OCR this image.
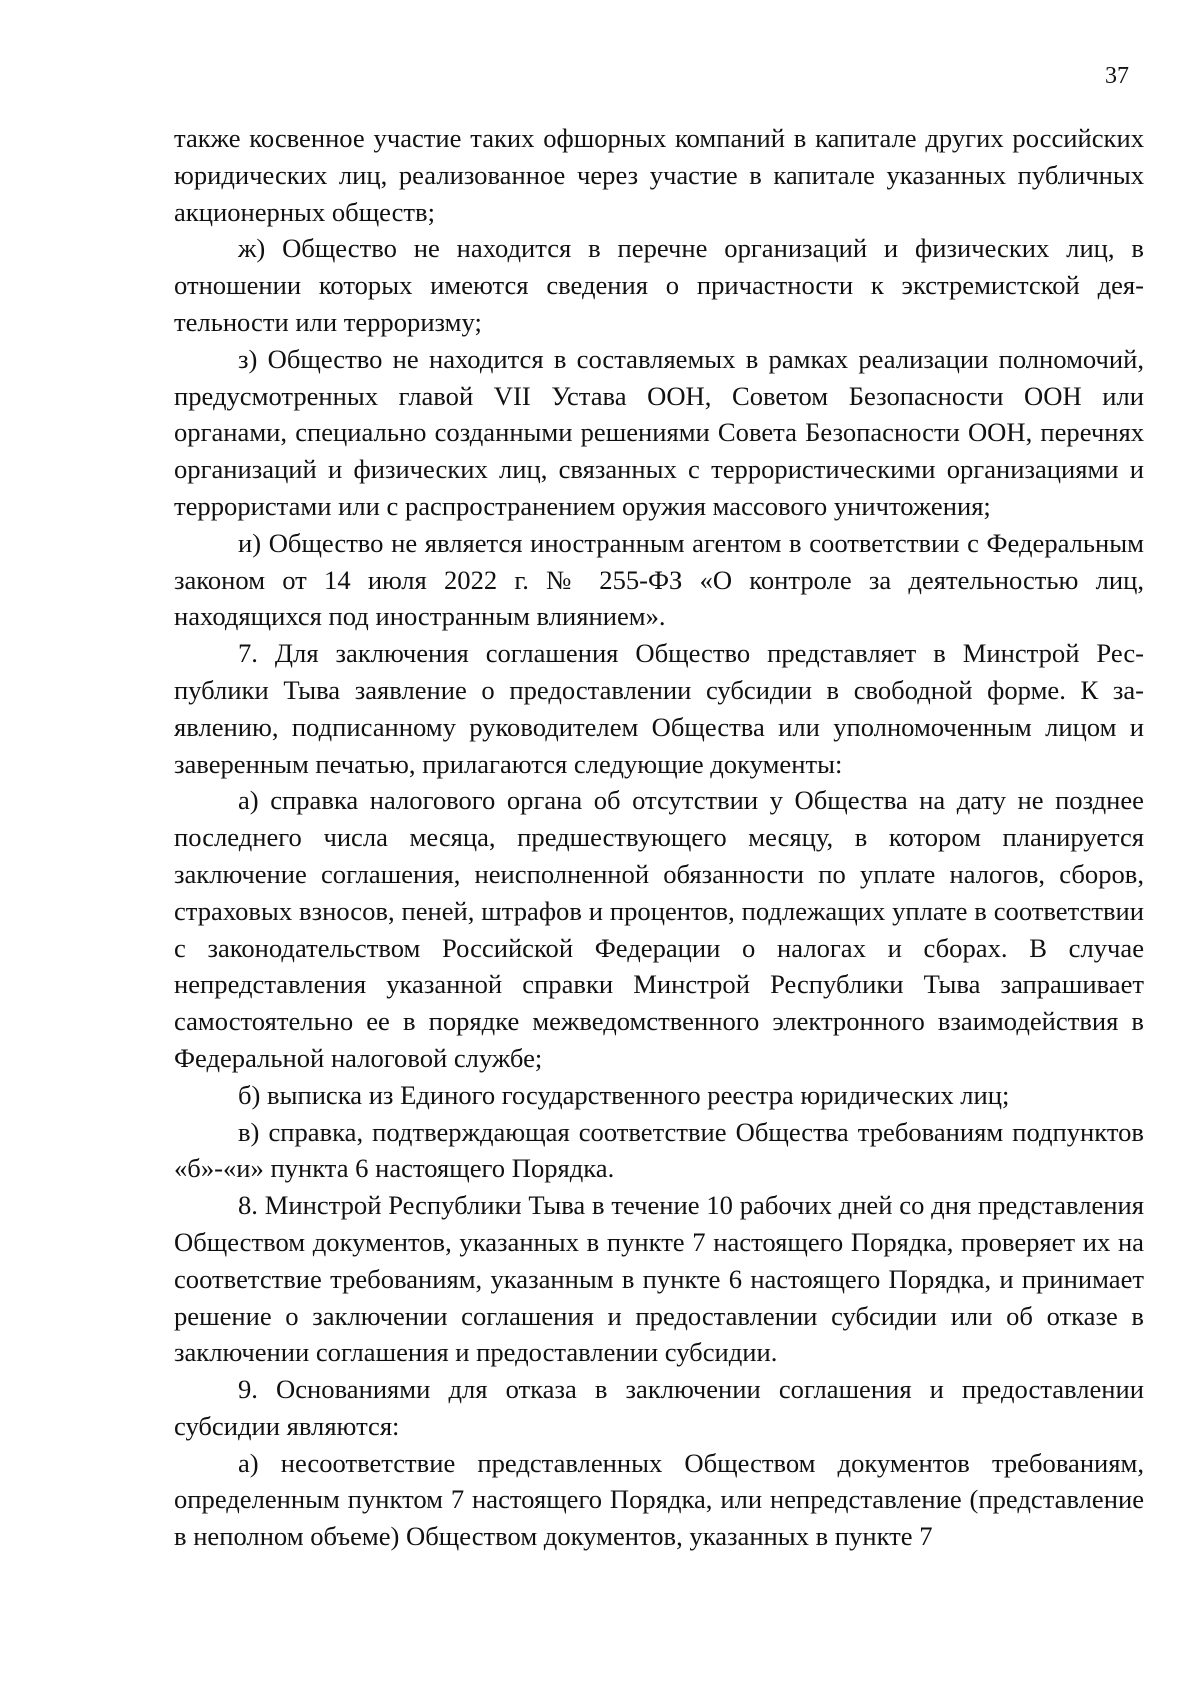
37

также косвенное участие таких офшорных компаний в капитале других российских юридических лиц, реализованное через участие в капитале указанных публичных акционерных обществ;

ж) Общество не находится в перечне организаций и физических лиц, в отношении которых имеются сведения о причастности к экстремистской деятельности или терроризму;

з) Общество не находится в составляемых в рамках реализации полномочий, предусмотренных главой VII Устава ООН, Советом Безопасности ООН или органами, специально созданными решениями Совета Безопасности ООН, перечнях организаций и физических лиц, связанных с террористическими организациями и террористами или с распространением оружия массового уничтожения;

и) Общество не является иностранным агентом в соответствии с Федеральным законом от 14 июля 2022 г. № 255-ФЗ «О контроле за деятельностью лиц, находящихся под иностранным влиянием».

7. Для заключения соглашения Общество представляет в Минстрой Республики Тыва заявление о предоставлении субсидии в свободной форме. К заявлению, подписанному руководителем Общества или уполномоченным лицом и заверенным печатью, прилагаются следующие документы:

а) справка налогового органа об отсутствии у Общества на дату не позднее последнего числа месяца, предшествующего месяцу, в котором планируется заключение соглашения, неисполненной обязанности по уплате налогов, сборов, страховых взносов, пеней, штрафов и процентов, подлежащих уплате в соответствии с законодательством Российской Федерации о налогах и сборах. В случае непредставления указанной справки Минстрой Республики Тыва запрашивает самостоятельно ее в порядке межведомственного электронного взаимодействия в Федеральной налоговой службе;

б) выписка из Единого государственного реестра юридических лиц;

в) справка, подтверждающая соответствие Общества требованиям подпунктов «б»-«и» пункта 6 настоящего Порядка.

8. Минстрой Республики Тыва в течение 10 рабочих дней со дня представления Обществом документов, указанных в пункте 7 настоящего Порядка, проверяет их на соответствие требованиям, указанным в пункте 6 настоящего Порядка, и принимает решение о заключении соглашения и предоставлении субсидии или об отказе в заключении соглашения и предоставлении субсидии.

9. Основаниями для отказа в заключении соглашения и предоставлении субсидии являются:

а) несоответствие представленных Обществом документов требованиям, определенным пунктом 7 настоящего Порядка, или непредставление (представление в неполном объеме) Обществом документов, указанных в пункте 7
